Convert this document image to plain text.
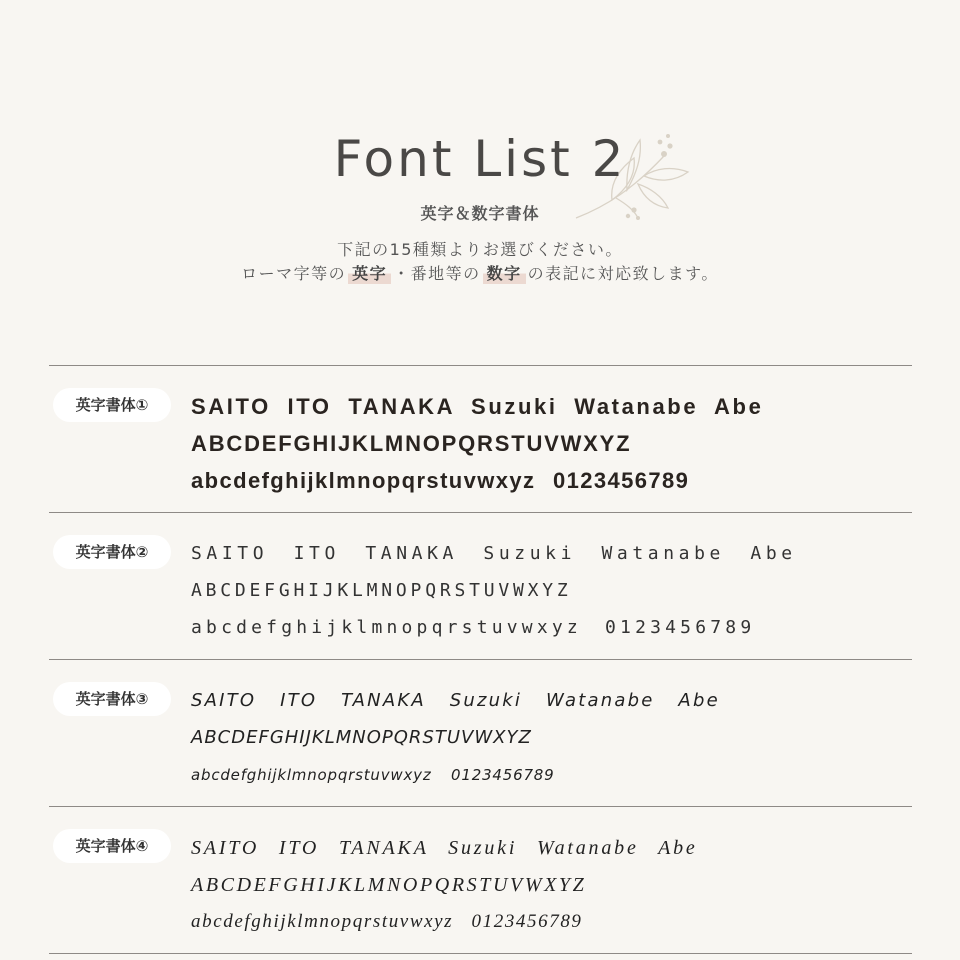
Font List 2
英字＆数字書体
下記の15種類よりお選びください。
ローマ字等の 英字 ・番地等の 数字 の表記に対応致します。
英字書体①	SAITO ITO TANAKA Suzuki Watanabe Abe
ABCDEFGHIJKLMNOPQRSTUVWXYZ
abcdefghijklmnopqrstuvwxyz 0123456789
英字書体②	SAITO ITO TANAKA Suzuki Watanabe Abe
ABCDEFGHIJKLMNOPQRSTUVWXYZ
abcdefghijklmnopqrstuvwxyz 0123456789
英字書体③	SAITO ITO TANAKA Suzuki Watanabe Abe
ABCDEFGHIJKLMNOPQRSTUVWXYZ
abcdefghijklmnopqrstuvwxyz 0123456789
英字書体④	SAITO ITO TANAKA Suzuki Watanabe Abe
ABCDEFGHIJKLMNOPQRSTUVWXYZ
abcdefghijklmnopqrstuvwxyz 0123456789
